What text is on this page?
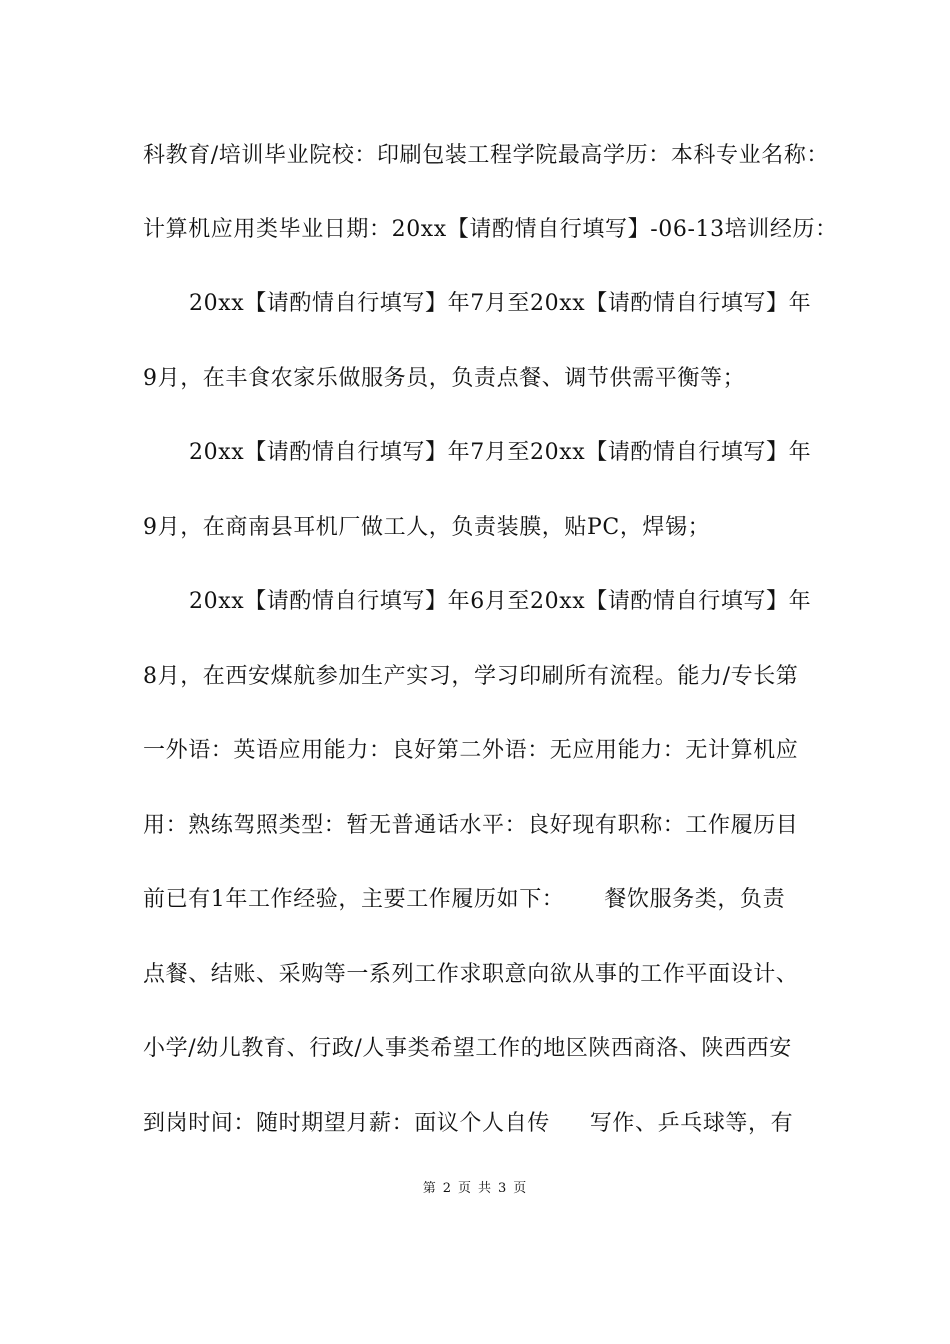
科教育/培训毕业院校：印刷包装工程学院最高学历：本科专业名称：
计算机应用类毕业日期：20xx【请酌情自行填写】-06-13培训经历：
20xx【请酌情自行填写】年7月至20xx【请酌情自行填写】年
9月，在丰食农家乐做服务员，负责点餐、调节供需平衡等；
20xx【请酌情自行填写】年7月至20xx【请酌情自行填写】年
9月，在商南县耳机厂做工人，负责装膜，贴PC，焊锡；
20xx【请酌情自行填写】年6月至20xx【请酌情自行填写】年
8月，在西安煤航参加生产实习，学习印刷所有流程。能力/专长第
一外语：英语应用能力：良好第二外语：无应用能力：无计算机应
用：熟练驾照类型：暂无普通话水平：良好现有职称：工作履历目
前已有1年工作经验，主要工作履历如下： 餐饮服务类，负责
点餐、结账、采购等一系列工作求职意向欲从事的工作平面设计、
小学/幼儿教育、行政/人事类希望工作的地区陕西商洛、陕西西安
到岗时间：随时期望月薪：面议个人自传 写作、乒乓球等，有
第 2 页 共 3 页
